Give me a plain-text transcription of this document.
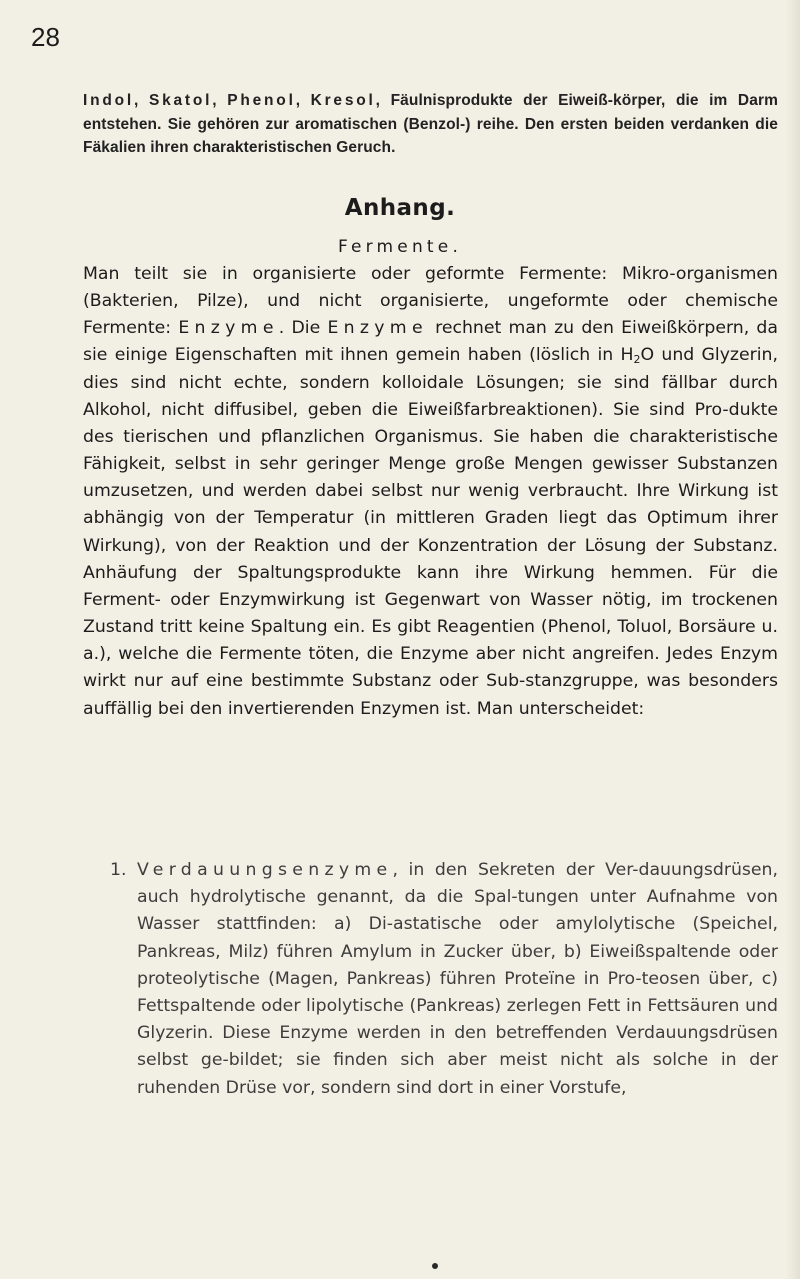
28

Indol, Skatol, Phenol, Kresol, Fäulnisprodukte der Eiweiß-körper, die im Darm entstehen. Sie gehören zur aromatischen (Benzol-) reihe. Den ersten beiden verdanken die Fäkalien ihren charakteristischen Geruch.

Anhang.
Fermente.

Man teilt sie in organisierte oder geformte Fermente: Mikro-organismen (Bakterien, Pilze), und nicht organisierte, ungeformte oder chemische Fermente: Enzyme. Die Enzyme rechnet man zu den Eiweißkörpern, da sie einige Eigenschaften mit ihnen gemein haben (löslich in $H_2O$ und Glyzerin, dies sind nicht echte, sondern kolloidale Lösungen; sie sind fällbar durch Alkohol, nicht diffusibel, geben die Eiweißfarbreaktionen). Sie sind Pro-dukte des tierischen und pflanzlichen Organismus. Sie haben die charakteristische Fähigkeit, selbst in sehr geringer Menge große Mengen gewisser Substanzen umzusetzen, und werden dabei selbst nur wenig verbraucht. Ihre Wirkung ist abhängig von der Temperatur (in mittleren Graden liegt das Optimum ihrer Wirkung), von der Reaktion und der Konzentration der Lösung der Substanz. Anhäufung der Spaltungsprodukte kann ihre Wirkung hemmen. Für die Ferment- oder Enzymwirkung ist Gegenwart von Wasser nötig, im trockenen Zustand tritt keine Spaltung ein. Es gibt Reagentien (Phenol, Toluol, Borsäure u. a.), welche die Fermente töten, die Enzyme aber nicht angreifen. Jedes Enzym wirkt nur auf eine bestimmte Substanz oder Sub-stanzgruppe, was besonders auffällig bei den invertierenden Enzymen ist. Man unterscheidet:

1. Verdauungsenzyme, in den Sekreten der Ver-dauungsdrüsen, auch hydrolytische genannt, da die Spal-tungen unter Aufnahme von Wasser stattfinden: a) Di-astatische oder amylolytische (Speichel, Pankreas, Milz) führen Amylum in Zucker über, b) Eiweißspaltende oder proteolytische (Magen, Pankreas) führen Proteïne in Pro-teosen über, c) Fettspaltende oder lipolytische (Pankreas) zerlegen Fett in Fettsäuren und Glyzerin. Diese Enzyme werden in den betreffenden Verdauungsdrüsen selbst ge-bildet; sie finden sich aber meist nicht als solche in der ruhenden Drüse vor, sondern sind dort in einer Vorstufe,
